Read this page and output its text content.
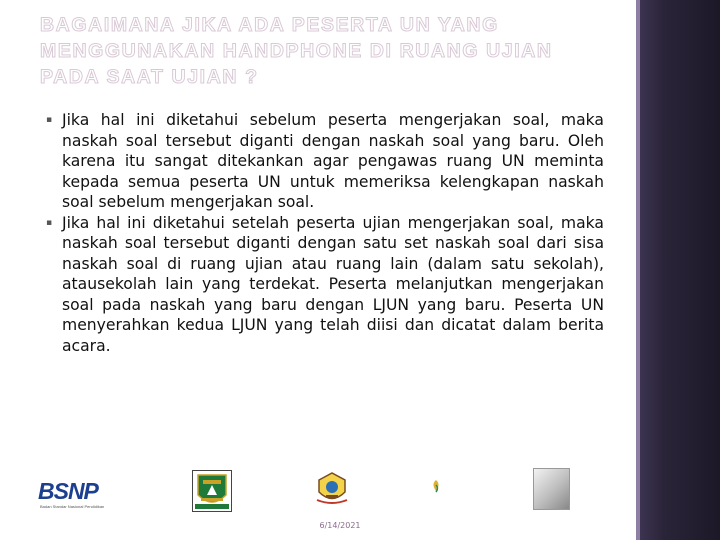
BAGAIMANA JIKA ADA PESERTA UN YANG MENGGUNAKAN HANDPHONE DI RUANG UJIAN PADA SAAT UJIAN ?
▪ Jika hal ini diketahui sebelum peserta mengerjakan soal, maka naskah soal tersebut diganti dengan naskah soal yang baru. Oleh karena itu sangat ditekankan agar pengawas ruang UN meminta kepada semua peserta UN untuk memeriksa kelengkapan naskah soal sebelum mengerjakan soal.
▪ Jika hal ini diketahui setelah peserta ujian mengerjakan soal, maka naskah soal tersebut diganti dengan satu set naskah soal dari sisa naskah soal di ruang ujian atau ruang lain (dalam satu sekolah), atausekolah lain yang terdekat. Peserta melanjutkan mengerjakan soal pada naskah yang baru dengan LJUN yang baru. Peserta UN menyerahkan kedua LJUN yang telah diisi dan dicatat dalam berita acara.
BSNP
Badan Standar Nasional Pendidikan
6/14/2021
